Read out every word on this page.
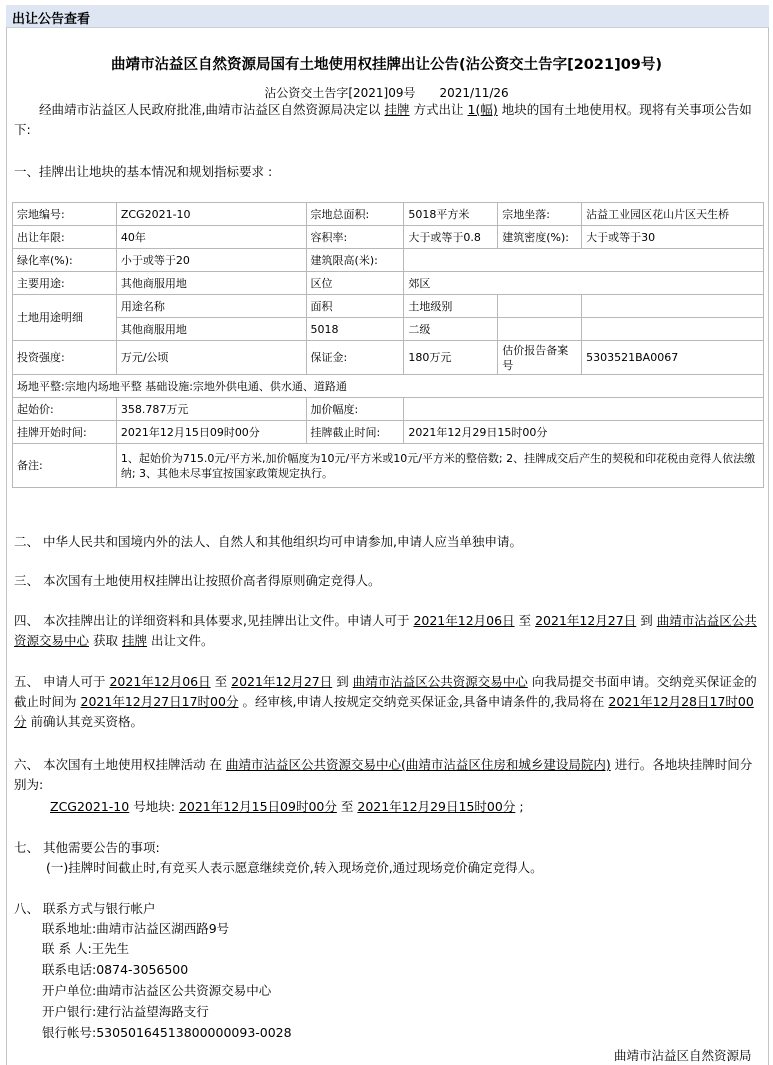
出让公告查看
曲靖市沾益区自然资源局国有土地使用权挂牌出让公告(沾公资交土告字[2021]09号)
沾公资交土告字[2021]09号 2021/11/26
经曲靖市沾益区人民政府批准,曲靖市沾益区自然资源局决定以 挂牌 方式出让 1(幅) 地块的国有土地使用权。现将有关事项公告如下:
一、挂牌出让地块的基本情况和规划指标要求 :
宗地编号:	ZCG2021-10	宗地总面积:	5018平方米	宗地坐落:	沾益工业园区花山片区天生桥
出让年限:	40年	容积率:	大于或等于0.8	建筑密度(%):	大于或等于30
绿化率(%):	小于或等于20	建筑限高(米):			
主要用途:	其他商服用地	区位	郊区		
土地用途明细	用途名称	面积	土地级别		
	其他商服用地	5018	二级		
投资强度:	万元/公顷	保证金:	180万元	估价报告备案号	5303521BA0067
场地平整:宗地内场地平整 基础设施:宗地外供电通、供水通、道路通					
起始价:	358.787万元	加价幅度:			
挂牌开始时间:	2021年12月15日09时00分	挂牌截止时间:	2021年12月29日15时00分		
备注:	1、起始价为715.0元/平方米,加价幅度为10元/平方米或10元/平方米的整倍数; 2、挂牌成交后产生的契税和印花税由竞得人依法缴纳; 3、其他未尽事宜按国家政策规定执行。				
二、 中华人民共和国境内外的法人、自然人和其他组织均可申请参加,申请人应当单独申请。
三、 本次国有土地使用权挂牌出让按照价高者得原则确定竞得人。
四、 本次挂牌出让的详细资料和具体要求,见挂牌出让文件。申请人可于 2021年12月06日 至 2021年12月27日 到 曲靖市沾益区公共资源交易中心 获取 挂牌 出让文件。
五、 申请人可于 2021年12月06日 至 2021年12月27日 到 曲靖市沾益区公共资源交易中心 向我局提交书面申请。交纳竞买保证金的截止时间为 2021年12月27日17时00分 。经审核,申请人按规定交纳竞买保证金,具备申请条件的,我局将在 2021年12月28日17时00分 前确认其竞买资格。
六、 本次国有土地使用权挂牌活动 在 曲靖市沾益区公共资源交易中心(曲靖市沾益区住房和城乡建设局院内) 进行。各地块挂牌时间分别为:
ZCG2021-10 号地块: 2021年12月15日09时00分 至 2021年12月29日15时00分 ;
七、 其他需要公告的事项:
(一)挂牌时间截止时,有竞买人表示愿意继续竞价,转入现场竞价,通过现场竞价确定竞得人。
八、 联系方式与银行帐户
联系地址:曲靖市沾益区湖西路9号
联 系 人:王先生
联系电话:0874-3056500
开户单位:曲靖市沾益区公共资源交易中心
开户银行:建行沾益望海路支行
银行帐号:53050164513800000093-0028
曲靖市沾益区自然资源局
